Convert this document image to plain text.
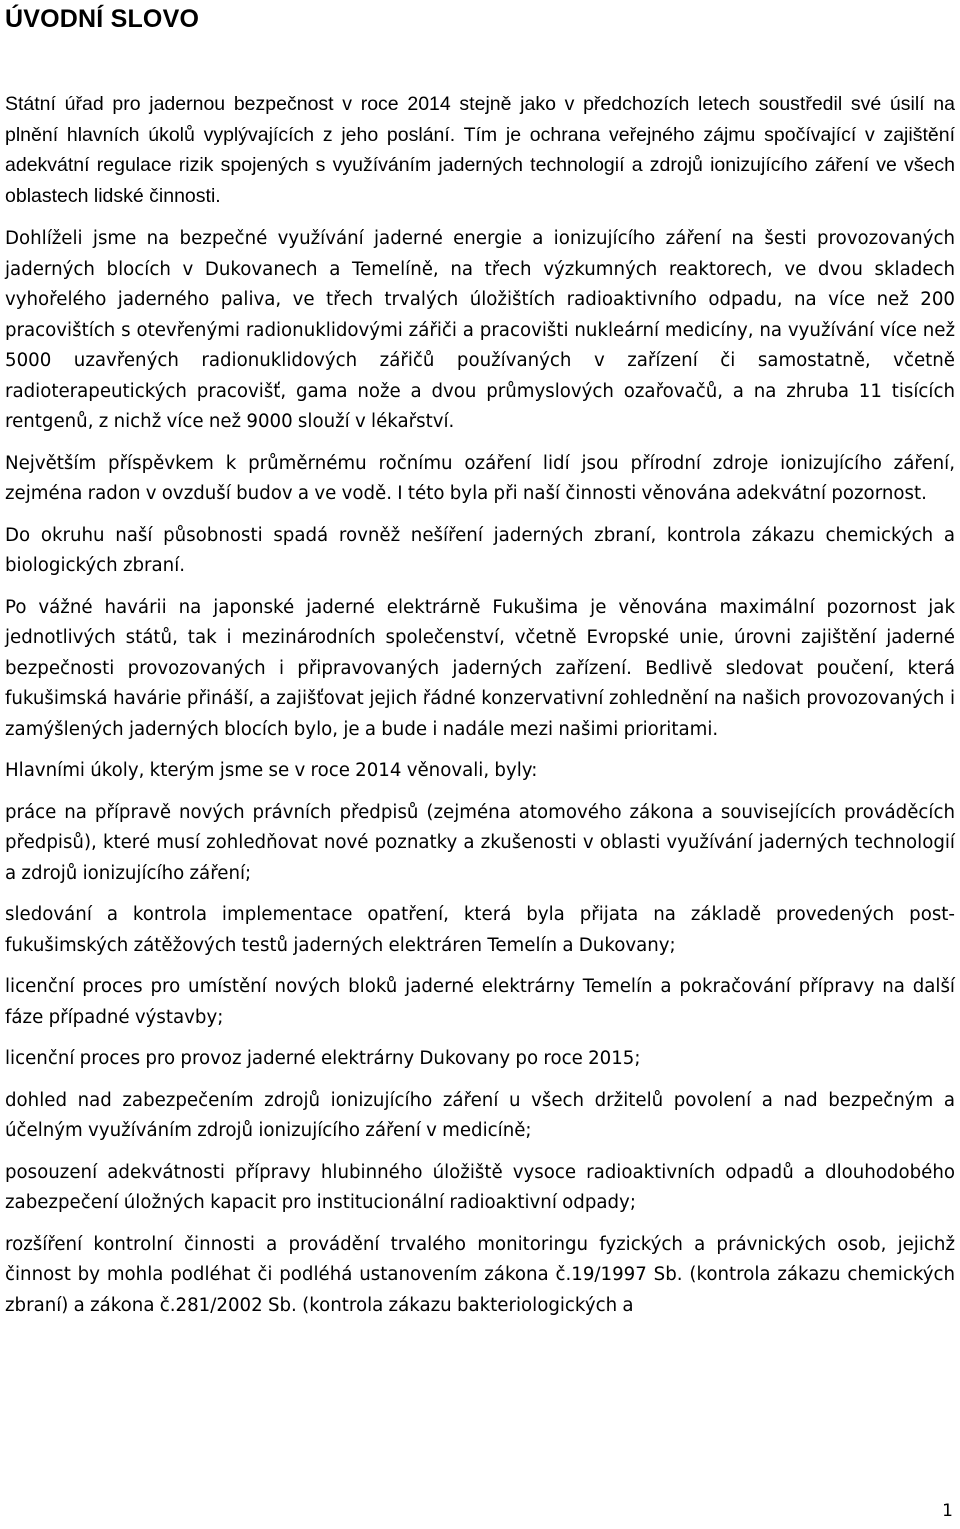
ÚVODNÍ SLOVO

Státní úřad pro jadernou bezpečnost v roce 2014 stejně jako v předchozích letech soustředil své úsilí na plnění hlavních úkolů vyplývajících z jeho poslání. Tím je ochrana veřejného zájmu spočívající v zajištění adekvátní regulace rizik spojených s využíváním jaderných technologií a zdrojů ionizujícího záření ve všech oblastech lidské činnosti.

Dohlíželi jsme na bezpečné využívání jaderné energie a ionizujícího záření na šesti provozovaných jaderných blocích v Dukovanech a Temelíně, na třech výzkumných reaktorech, ve dvou skladech vyhořelého jaderného paliva, ve třech trvalých úložištích radioaktivního odpadu, na více než 200 pracovištích s otevřenými radionuklidovými zářiči a pracovišti nukleární medicíny, na využívání více než 5000 uzavřených radionuklidových zářičů používaných v zařízení či samostatně, včetně radioterapeutických pracovišť, gama nože a dvou průmyslových ozařovačů, a na zhruba 11 tisících rentgenů, z nichž více než 9000 slouží v lékařství.

Největším příspěvkem k průměrnému ročnímu ozáření lidí jsou přírodní zdroje ionizujícího záření, zejména radon v ovzduší budov a ve vodě. I této byla při naší činnosti věnována adekvátní pozornost.

Do okruhu naší působnosti spadá rovněž nešíření jaderných zbraní, kontrola zákazu chemických a biologických zbraní.

Po vážné havárii na japonské jaderné elektrárně Fukušima je věnována maximální pozornost jak jednotlivých států, tak i mezinárodních společenství, včetně Evropské unie, úrovni zajištění jaderné bezpečnosti provozovaných i připravovaných jaderných zařízení. Bedlivě sledovat poučení, která fukušimská havárie přináší, a zajišťovat jejich řádné konzervativní zohlednění na našich provozovaných i zamýšlených jaderných blocích bylo, je a bude i nadále mezi našimi prioritami.

Hlavními úkoly, kterým jsme se v roce 2014 věnovali, byly:

práce na přípravě nových právních předpisů (zejména atomového zákona a souvisejících prováděcích předpisů), které musí zohledňovat nové poznatky a zkušenosti v oblasti využívání jaderných technologií a zdrojů ionizujícího záření;

sledování a kontrola implementace opatření, která byla přijata na základě provedených post-fukušimských zátěžových testů jaderných elektráren Temelín a Dukovany;

licenční proces pro umístění nových bloků jaderné elektrárny Temelín a pokračování přípravy na další fáze případné výstavby;

licenční proces pro provoz jaderné elektrárny Dukovany po roce 2015;

dohled nad zabezpečením zdrojů ionizujícího záření u všech držitelů povolení a nad bezpečným a účelným využíváním zdrojů ionizujícího záření v medicíně;

posouzení adekvátnosti přípravy hlubinného úložiště vysoce radioaktivních odpadů a dlouhodobého zabezpečení úložných kapacit pro institucionální radioaktivní odpady;

rozšíření kontrolní činnosti a provádění trvalého monitoringu fyzických a právnických osob, jejichž činnost by mohla podléhat či podléhá ustanovením zákona č.19/1997 Sb. (kontrola zákazu chemických zbraní) a zákona č.281/2002 Sb. (kontrola zákazu bakteriologických a

1
